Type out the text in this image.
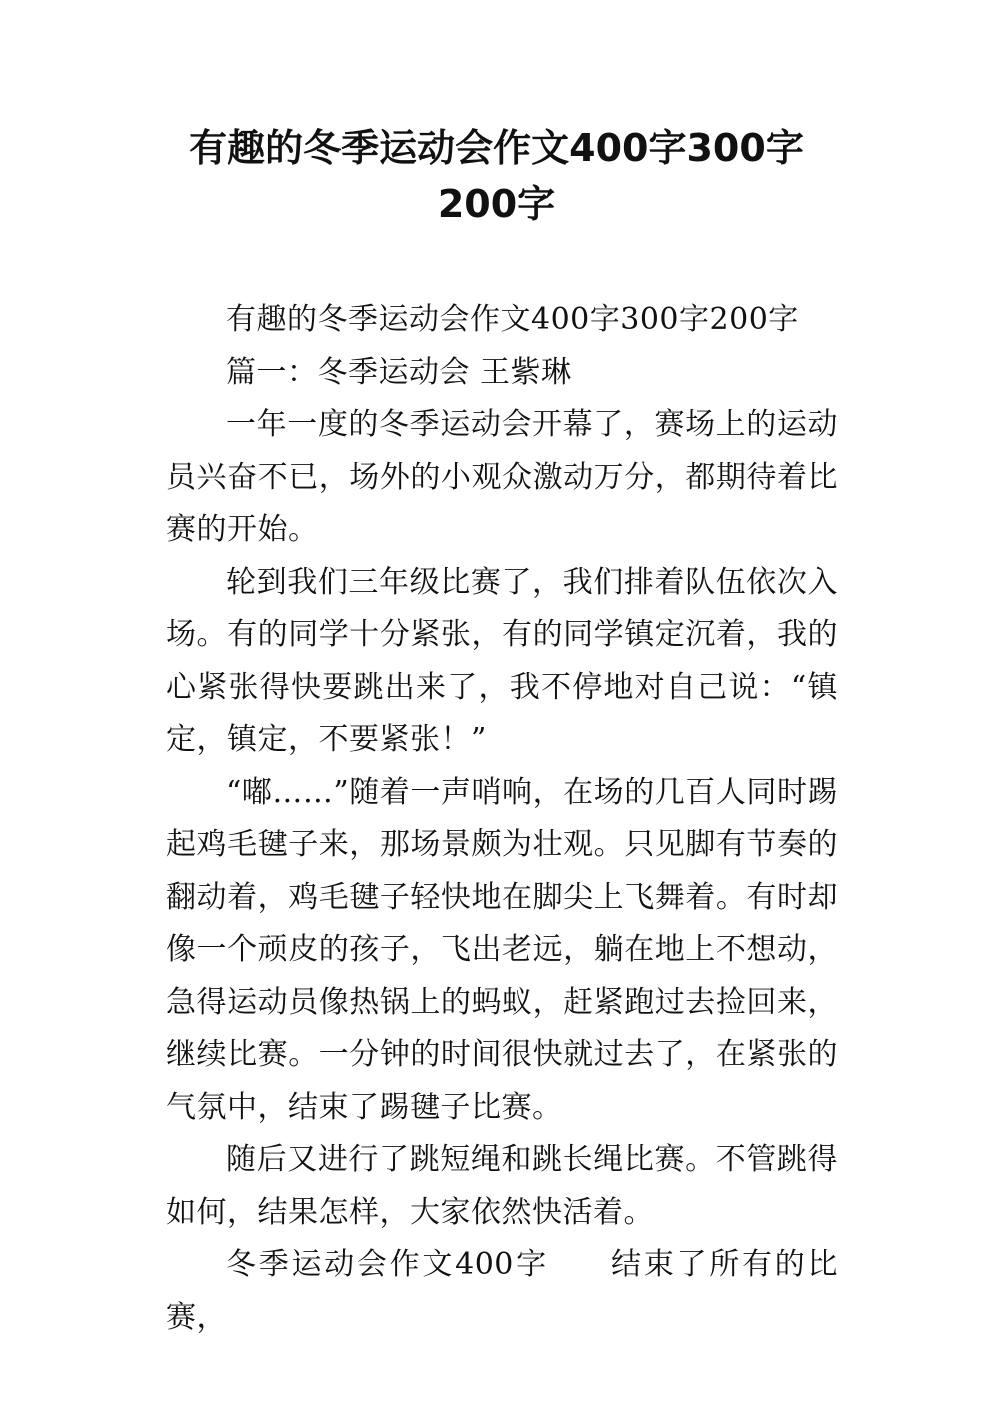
有趣的冬季运动会作文400字300字
200字

有趣的冬季运动会作文400字300字200字

篇一：冬季运动会 王紫琳

一年一度的冬季运动会开幕了，赛场上的运动员兴奋不已，场外的小观众激动万分，都期待着比赛的开始。

轮到我们三年级比赛了，我们排着队伍依次入场。有的同学十分紧张，有的同学镇定沉着，我的心紧张得快要跳出来了，我不停地对自己说：“镇定，镇定，不要紧张！”

“嘟……”随着一声哨响，在场的几百人同时踢起鸡毛毽子来，那场景颇为壮观。只见脚有节奏的翻动着，鸡毛毽子轻快地在脚尖上飞舞着。有时却像一个顽皮的孩子，飞出老远，躺在地上不想动，急得运动员像热锅上的蚂蚁，赶紧跑过去捡回来，继续比赛。一分钟的时间很快就过去了，在紧张的气氛中，结束了踢毽子比赛。

随后又进行了跳短绳和跳长绳比赛。不管跳得如何，结果怎样，大家依然快活着。

冬季运动会作文400字 结束了所有的比赛，
